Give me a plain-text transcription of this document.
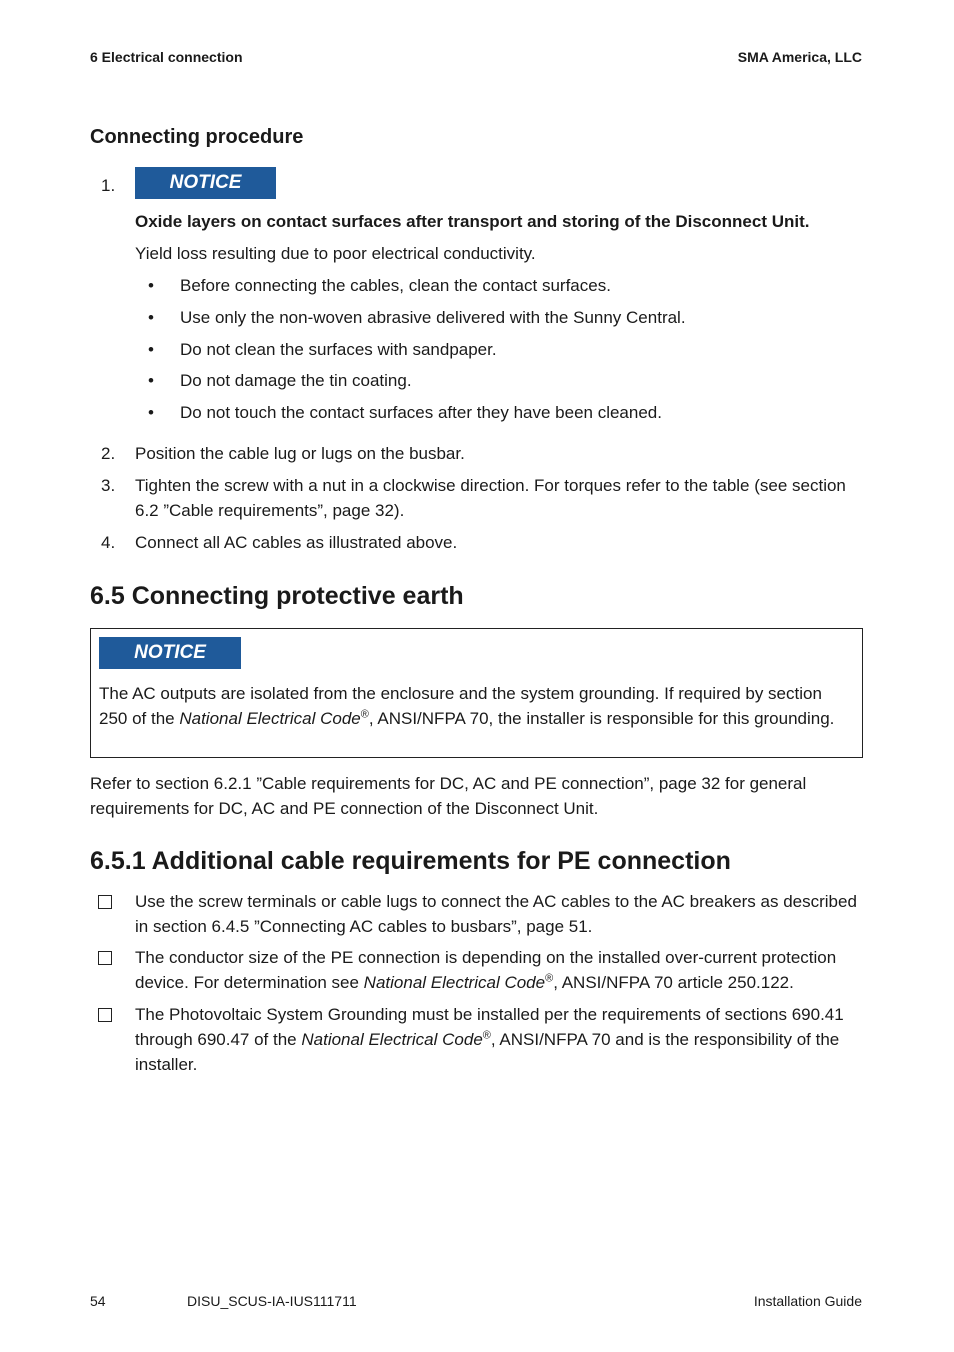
6 Electrical connection	SMA America, LLC
Connecting procedure
1.	NOTICE
Oxide layers on contact surfaces after transport and storing of the Disconnect Unit.
Yield loss resulting due to poor electrical conductivity.
•	Before connecting the cables, clean the contact surfaces.
•	Use only the non-woven abrasive delivered with the Sunny Central.
•	Do not clean the surfaces with sandpaper.
•	Do not damage the tin coating.
•	Do not touch the contact surfaces after they have been cleaned.
2. Position the cable lug or lugs on the busbar.
3. Tighten the screw with a nut in a clockwise direction. For torques refer to the table (see section 6.2 ”Cable requirements”, page 32).
4. Connect all AC cables as illustrated above.
6.5 Connecting protective earth
NOTICE
The AC outputs are isolated from the enclosure and the system grounding. If required by section 250 of the National Electrical Code®, ANSI/NFPA 70, the installer is responsible for this grounding.
Refer to section 6.2.1 ”Cable requirements for DC, AC and PE connection”, page 32 for general requirements for DC, AC and PE connection of the Disconnect Unit.
6.5.1 Additional cable requirements for PE connection
Use the screw terminals or cable lugs to connect the AC cables to the AC breakers as described in section 6.4.5 ”Connecting AC cables to busbars”, page 51.
The conductor size of the PE connection is depending on the installed over-current protection device. For determination see National Electrical Code®, ANSI/NFPA 70 article 250.122.
The Photovoltaic System Grounding must be installed per the requirements of sections 690.41 through 690.47 of the National Electrical Code®, ANSI/NFPA 70 and is the responsibility of the installer.
54	DISU_SCUS-IA-IUS111711	Installation Guide
